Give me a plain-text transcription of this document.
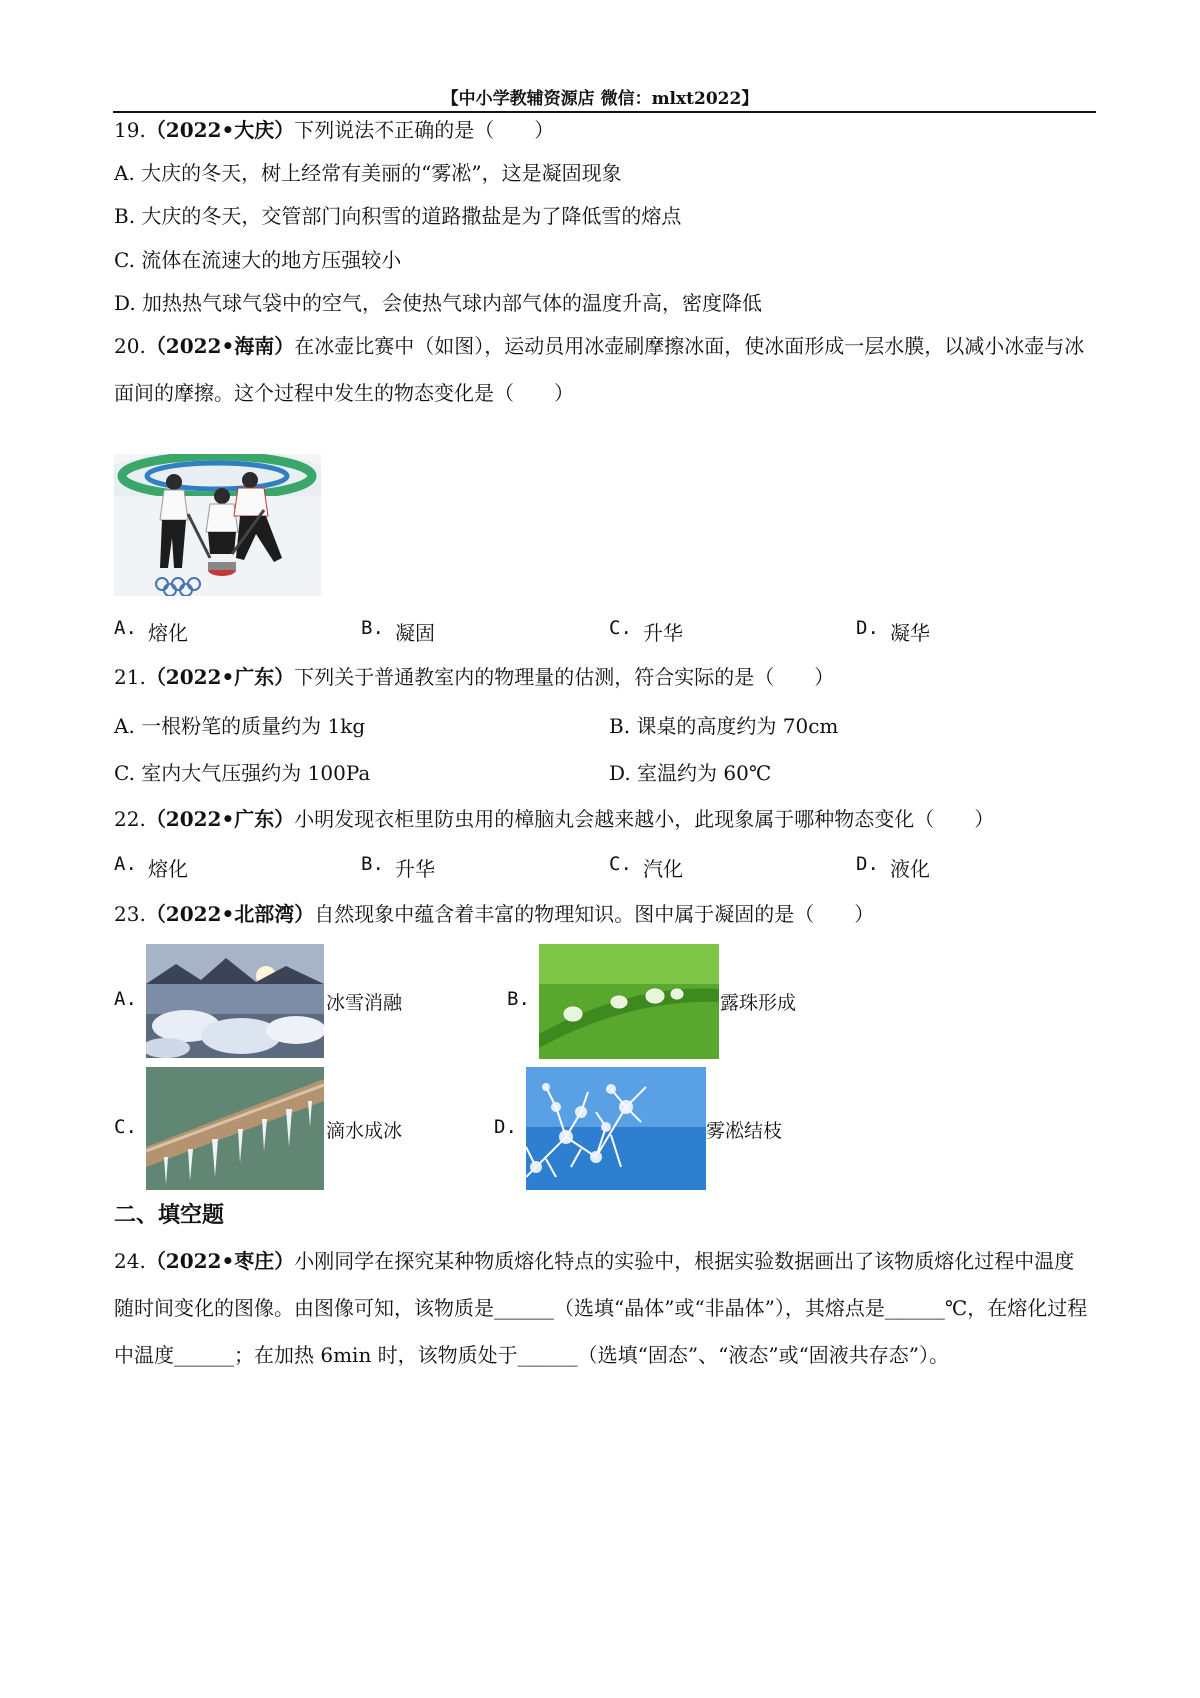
【中小学教辅资源店 微信：mlxt2022】
19.（2022•大庆）下列说法不正确的是（　　）
A. 大庆的冬天，树上经常有美丽的“雾凇”，这是凝固现象
B. 大庆的冬天，交管部门向积雪的道路撒盐是为了降低雪的熔点
C. 流体在流速大的地方压强较小
D. 加热热气球气袋中的空气，会使热气球内部气体的温度升高，密度降低
20.（2022•海南）在冰壶比赛中（如图），运动员用冰壶刷摩擦冰面，使冰面形成一层水膜，以减小冰壶与冰面间的摩擦。这个过程中发生的物态变化是（　　）
A. 熔化	B. 凝固	C. 升华	D. 凝华
21.（2022•广东）下列关于普通教室内的物理量的估测，符合实际的是（　　）
A. 一根粉笔的质量约为 1kg	B. 课桌的高度约为 70cm
C. 室内大气压强约为 100Pa	D. 室温约为 60℃
22.（2022•广东）小明发现衣柜里防虫用的樟脑丸会越来越小，此现象属于哪种物态变化（　　）
A. 熔化	B. 升华	C. 汽化	D. 液化
23.（2022•北部湾）自然现象中蕴含着丰富的物理知识。图中属于凝固的是（　　）
A.	冰雪消融	B.	露珠形成
C.	滴水成冰	D.	雾凇结枝
二、填空题
24.（2022•枣庄）小刚同学在探究某种物质熔化特点的实验中，根据实验数据画出了该物质熔化过程中温度随时间变化的图像。由图像可知，该物质是______（选填“晶体”或“非晶体”），其熔点是______℃，在熔化过程中温度______；在加热 6min 时，该物质处于______（选填“固态”、“液态”或“固液共存态”）。
